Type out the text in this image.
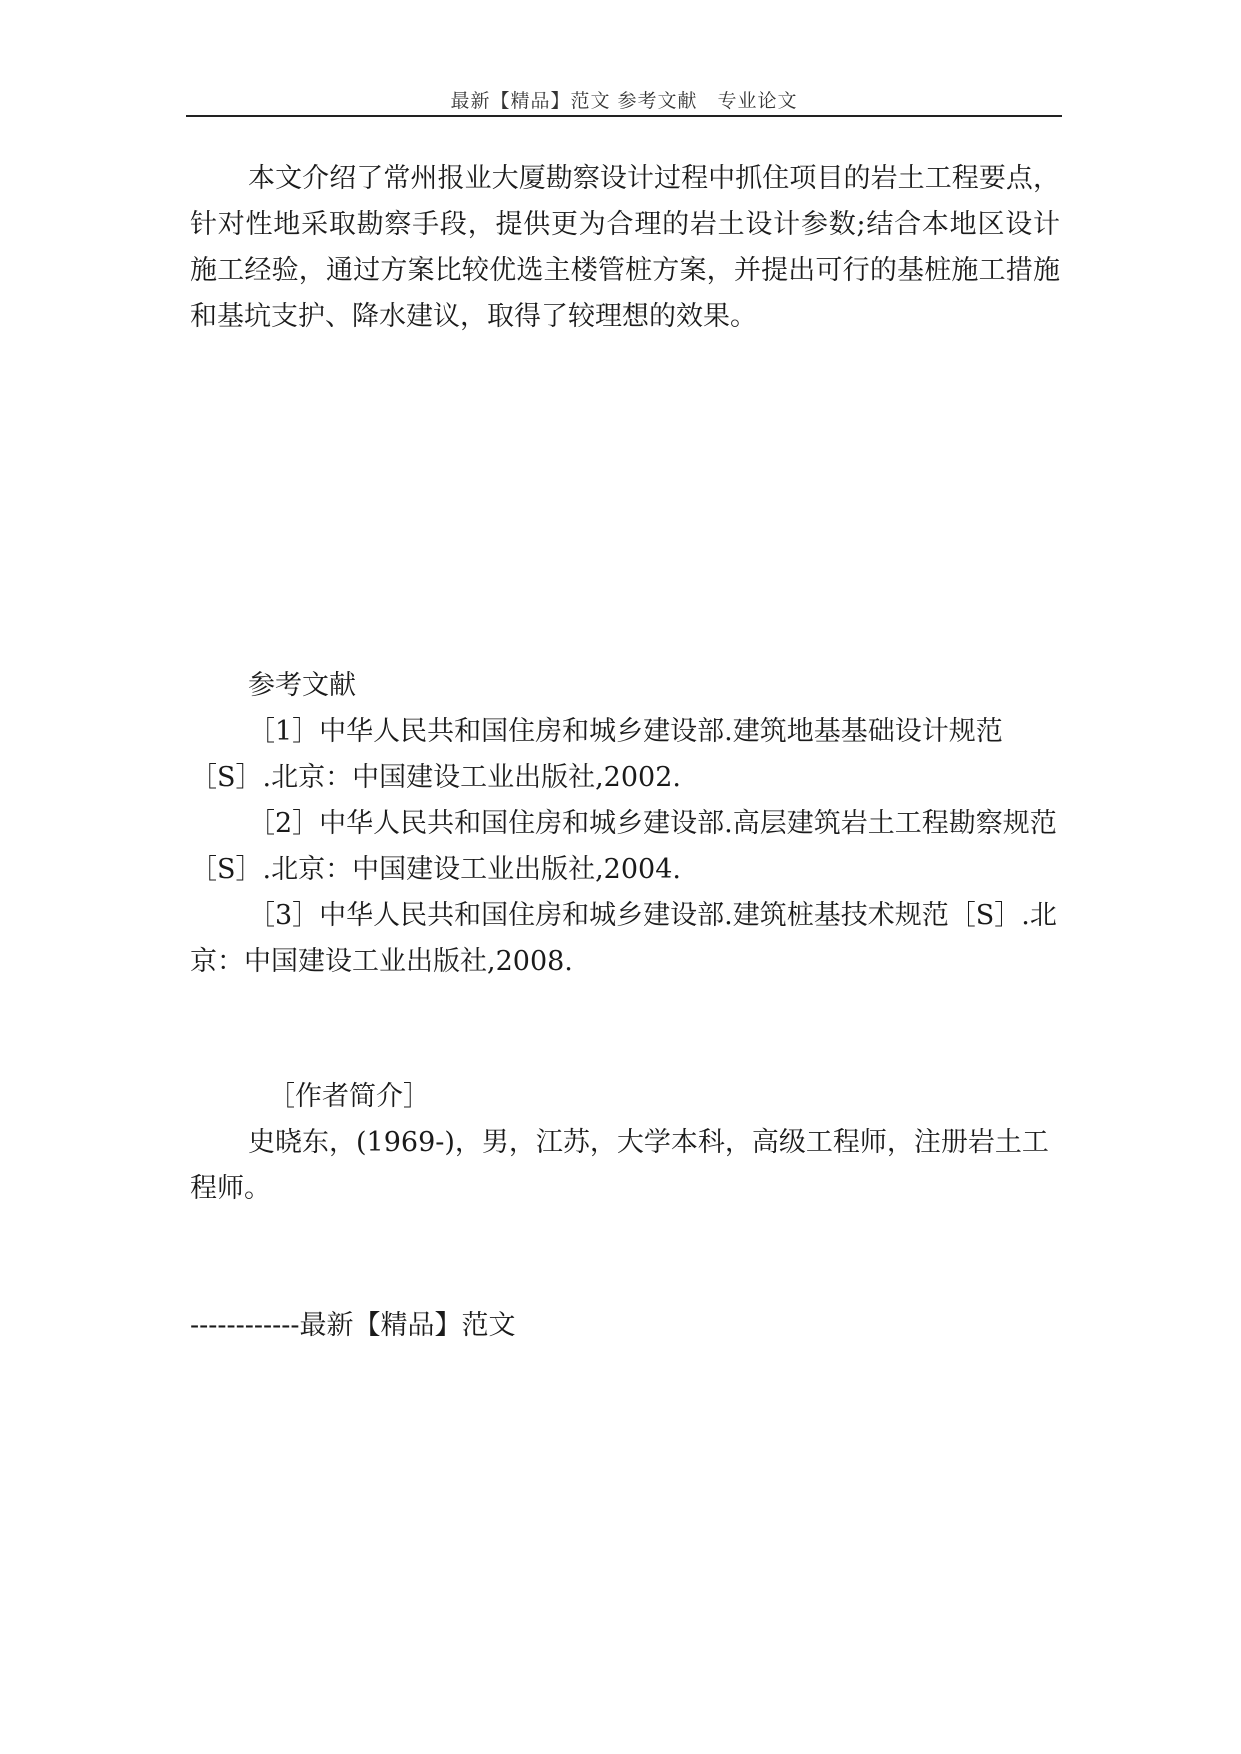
最新【精品】范文 参考文献　专业论文

本文介绍了常州报业大厦勘察设计过程中抓住项目的岩土工程要点，针对性地采取勘察手段，提供更为合理的岩土设计参数;结合本地区设计施工经验，通过方案比较优选主楼管桩方案，并提出可行的基桩施工措施和基坑支护、降水建议，取得了较理想的效果。

参考文献

［1］中华人民共和国住房和城乡建设部.建筑地基基础设计规范［S］.北京：中国建设工业出版社,2002.

［2］中华人民共和国住房和城乡建设部.高层建筑岩土工程勘察规范［S］.北京：中国建设工业出版社,2004.

［3］中华人民共和国住房和城乡建设部.建筑桩基技术规范［S］.北京：中国建设工业出版社,2008.

［作者简介］

史晓东，(1969-)，男，江苏，大学本科，高级工程师，注册岩土工程师。

------------最新【精品】范文
